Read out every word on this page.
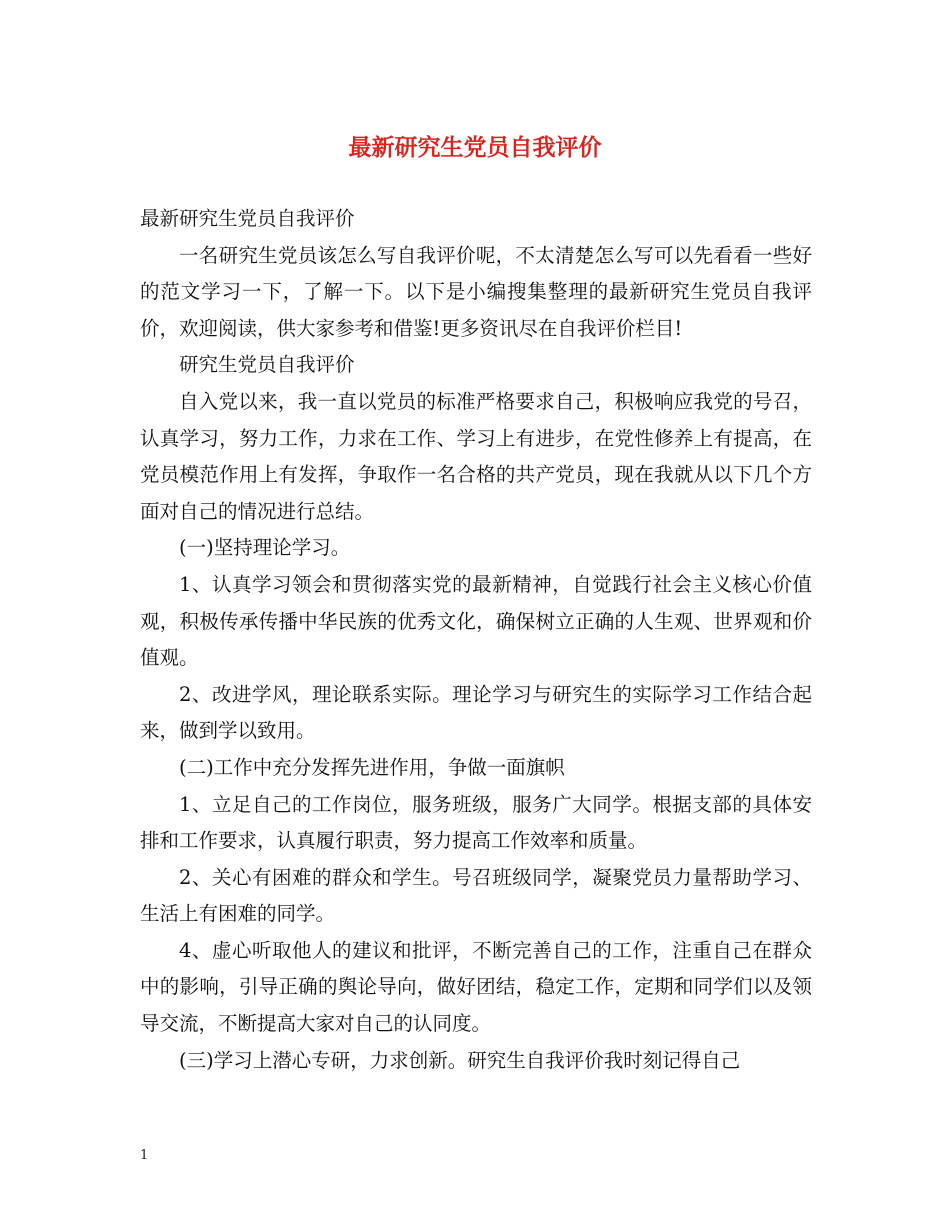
最新研究生党员自我评价

最新研究生党员自我评价

一名研究生党员该怎么写自我评价呢，不太清楚怎么写可以先看看一些好的范文学习一下，了解一下。以下是小编搜集整理的最新研究生党员自我评价，欢迎阅读，供大家参考和借鉴!更多资讯尽在自我评价栏目!

研究生党员自我评价

自入党以来，我一直以党员的标准严格要求自己，积极响应我党的号召，认真学习，努力工作，力求在工作、学习上有进步，在党性修养上有提高，在党员模范作用上有发挥，争取作一名合格的共产党员，现在我就从以下几个方面对自己的情况进行总结。

(一)坚持理论学习。

1、认真学习领会和贯彻落实党的最新精神，自觉践行社会主义核心价值观，积极传承传播中华民族的优秀文化，确保树立正确的人生观、世界观和价值观。

2、改进学风，理论联系实际。理论学习与研究生的实际学习工作结合起来，做到学以致用。

(二)工作中充分发挥先进作用，争做一面旗帜

1、立足自己的工作岗位，服务班级，服务广大同学。根据支部的具体安排和工作要求，认真履行职责，努力提高工作效率和质量。

2、关心有困难的群众和学生。号召班级同学，凝聚党员力量帮助学习、生活上有困难的同学。

4、虚心听取他人的建议和批评，不断完善自己的工作，注重自己在群众中的影响，引导正确的舆论导向，做好团结，稳定工作，定期和同学们以及领导交流，不断提高大家对自己的认同度。

(三)学习上潜心专研，力求创新。研究生自我评价我时刻记得自己

1
